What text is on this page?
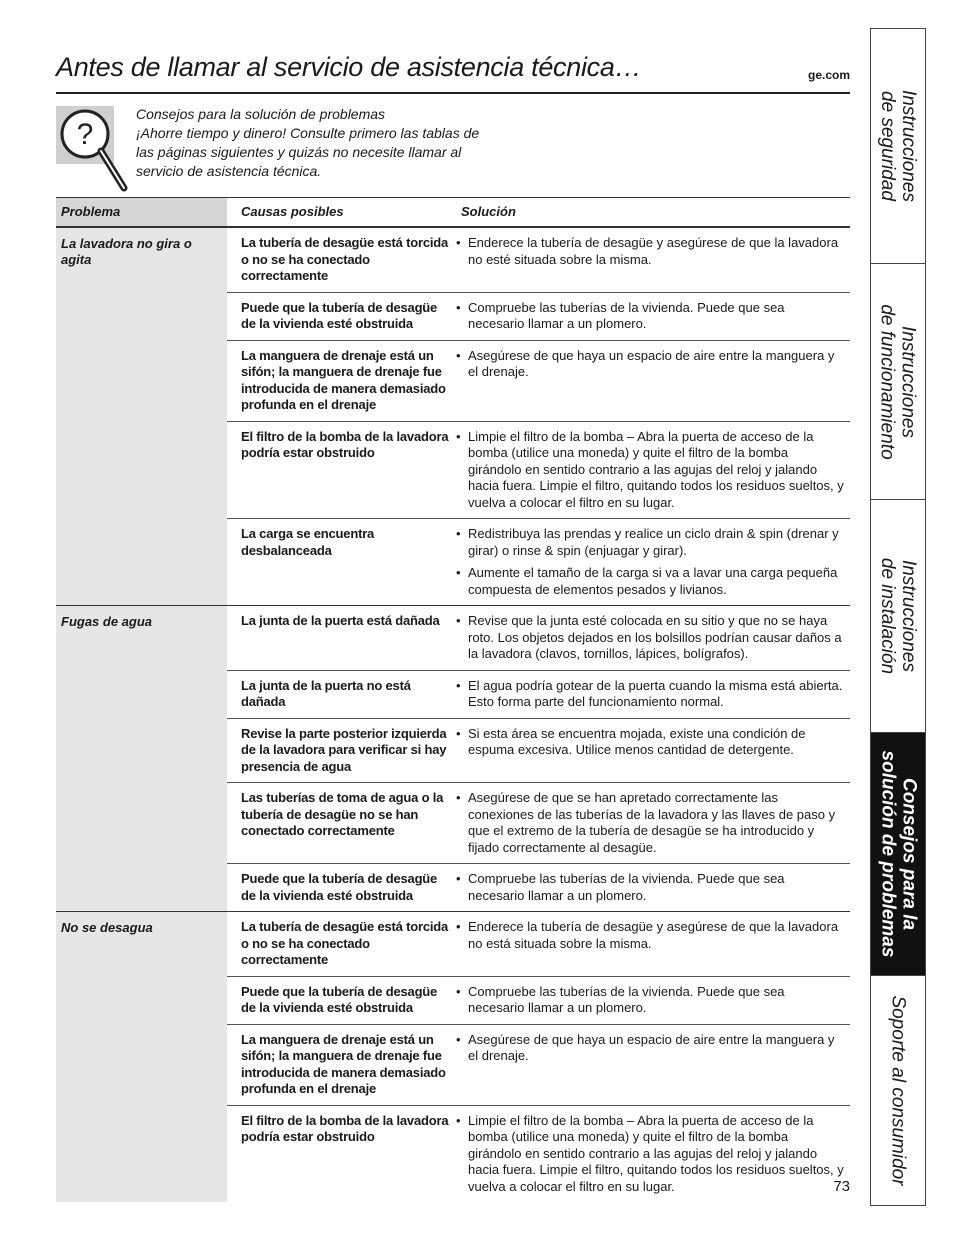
Antes de llamar al servicio de asistencia técnica…	ge.com
?
Consejos para la solución de problemas
¡Ahorre tiempo y dinero! Consulte primero las tablas de
las páginas siguientes y quizás no necesite llamar al
servicio de asistencia técnica.
Problema	Causas posibles	Solución
La lavadora no gira o agita
La tubería de desagüe está torcida o no se ha conectado correctamente
• Enderece la tubería de desagüe y asegúrese de que la lavadora no esté situada sobre la misma.
Puede que la tubería de desagüe de la vivienda esté obstruida
• Compruebe las tuberías de la vivienda. Puede que sea necesario llamar a un plomero.
La manguera de drenaje está un sifón; la manguera de drenaje fue introducida de manera demasiado profunda en el drenaje
• Asegúrese de que haya un espacio de aire entre la manguera y el drenaje.
El filtro de la bomba de la lavadora podría estar obstruido
• Limpie el filtro de la bomba – Abra la puerta de acceso de la bomba (utilice una moneda) y quite el filtro de la bomba girándolo en sentido contrario a las agujas del reloj y jalando hacia fuera. Limpie el filtro, quitando todos los residuos sueltos, y vuelva a colocar el filtro en su lugar.
La carga se encuentra desbalanceada
• Redistribuya las prendas y realice un ciclo drain & spin (drenar y girar) o rinse & spin (enjuagar y girar).
• Aumente el tamaño de la carga si va a lavar una carga pequeña compuesta de elementos pesados y livianos.
Fugas de agua	La junta de la puerta está dañada	• Revise que la junta esté colocada en su sitio y que no se haya roto. Los objetos dejados en los bolsillos podrían causar daños a la lavadora (clavos, tornillos, lápices, bolígrafos).
La junta de la puerta no está dañada
• El agua podría gotear de la puerta cuando la misma está abierta. Esto forma parte del funcionamiento normal.
Revise la parte posterior izquierda de la lavadora para verificar si hay presencia de agua
• Si esta área se encuentra mojada, existe una condición de espuma excesiva. Utilice menos cantidad de detergente.
Las tuberías de toma de agua o la tubería de desagüe no se han conectado correctamente
• Asegúrese de que se han apretado correctamente las conexiones de las tuberías de la lavadora y las llaves de paso y que el extremo de la tubería de desagüe se ha introducido y fijado correctamente al desagüe.
Puede que la tubería de desagüe de la vivienda esté obstruida
• Compruebe las tuberías de la vivienda. Puede que sea necesario llamar a un plomero.
No se desagua	La tubería de desagüe está torcida o no se ha conectado correctamente
• Enderece la tubería de desagüe y asegúrese de que la lavadora no está situada sobre la misma.
Puede que la tubería de desagüe de la vivienda esté obstruida
• Compruebe las tuberías de la vivienda. Puede que sea necesario llamar a un plomero.
La manguera de drenaje está un sifón; la manguera de drenaje fue introducida de manera demasiado profunda en el drenaje
• Asegúrese de que haya un espacio de aire entre la manguera y el drenaje.
El filtro de la bomba de la lavadora podría estar obstruido
• Limpie el filtro de la bomba – Abra la puerta de acceso de la bomba (utilice una moneda) y quite el filtro de la bomba girándolo en sentido contrario a las agujas del reloj y jalando hacia fuera. Limpie el filtro, quitando todos los residuos sueltos, y vuelva a colocar el filtro en su lugar.
Instrucciones
de seguridad
Instrucciones
de funcionamiento
Instrucciones
de instalación
Consejos para la
solución de problemas
Soporte al consumidor
73
